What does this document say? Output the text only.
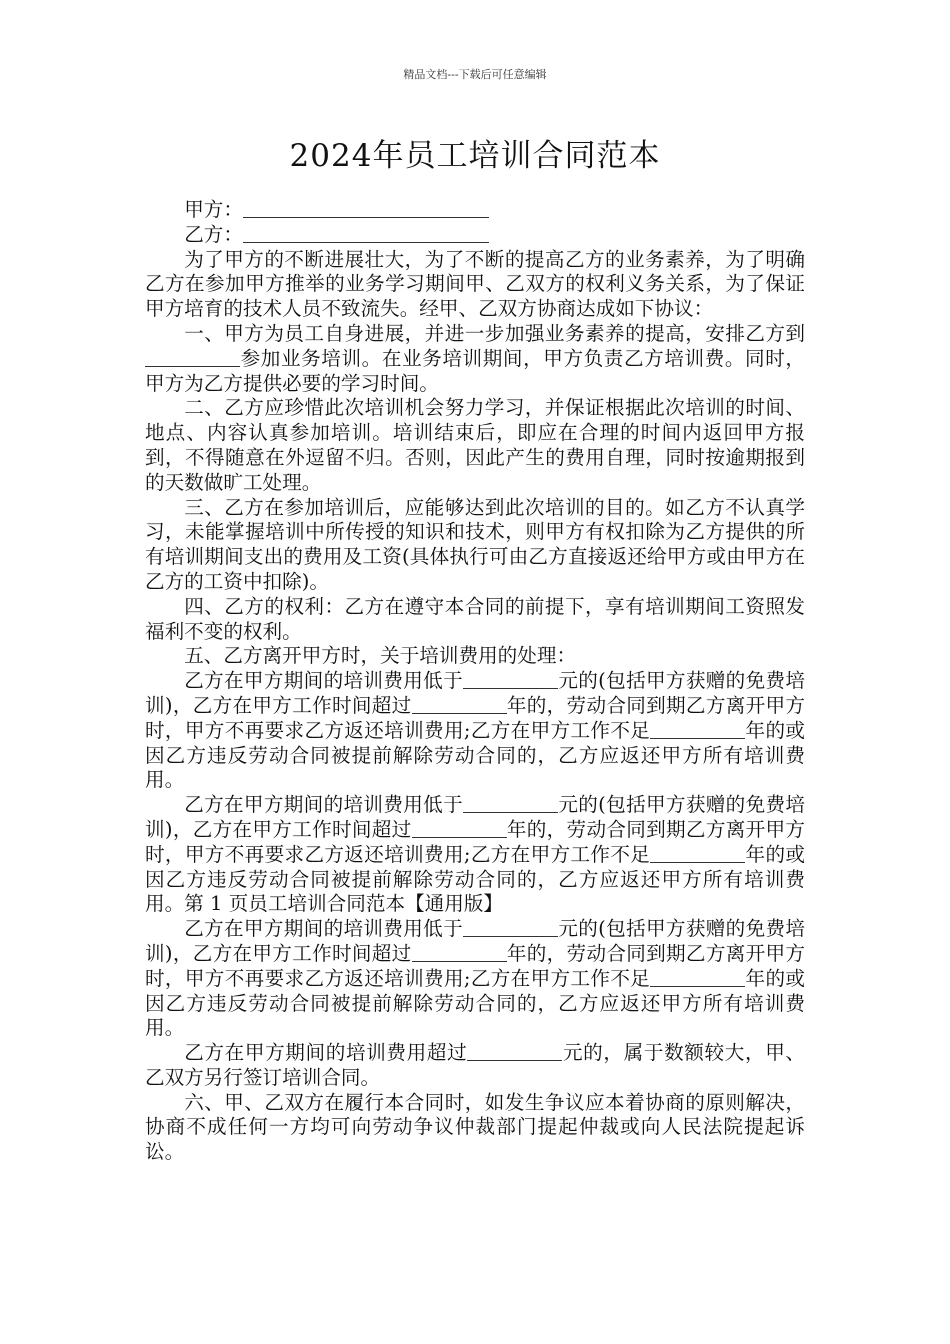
精品文档---下载后可任意编辑
2024年员工培训合同范本
甲方：
乙方：

为了甲方的不断进展壮大，为了不断的提高乙方的业务素养，为了明确乙方在参加甲方推举的业务学习期间甲、乙双方的权利义务关系，为了保证甲方培育的技术人员不致流失。经甲、乙双方协商达成如下协议：

一、甲方为员工自身进展，并进一步加强业务素养的提高，安排乙方到参加业务培训。在业务培训期间，甲方负责乙方培训费。同时，甲方为乙方提供必要的学习时间。

二、乙方应珍惜此次培训机会努力学习，并保证根据此次培训的时间、地点、内容认真参加培训。培训结束后，即应在合理的时间内返回甲方报到，不得随意在外逗留不归。否则，因此产生的费用自理，同时按逾期报到的天数做旷工处理。

三、乙方在参加培训后，应能够达到此次培训的目的。如乙方不认真学习，未能掌握培训中所传授的知识和技术，则甲方有权扣除为乙方提供的所有培训期间支出的费用及工资(具体执行可由乙方直接返还给甲方或由甲方在乙方的工资中扣除)。

四、乙方的权利：乙方在遵守本合同的前提下，享有培训期间工资照发福利不变的权利。

五、乙方离开甲方时，关于培训费用的处理：

乙方在甲方期间的培训费用低于	元的(包括甲方获赠的免费培训)，乙方在甲方工作时间超过	年的，劳动合同到期乙方离开甲方时，甲方不再要求乙方返还培训费用;乙方在甲方工作不足	年的或因乙方违反劳动合同被提前解除劳动合同的，乙方应返还甲方所有培训费用。

乙方在甲方期间的培训费用低于	元的(包括甲方获赠的免费培训)，乙方在甲方工作时间超过	年的，劳动合同到期乙方离开甲方时，甲方不再要求乙方返还培训费用;乙方在甲方工作不足	年的或因乙方违反劳动合同被提前解除劳动合同的，乙方应返还甲方所有培训费用。第 1 页员工培训合同范本【通用版】

乙方在甲方期间的培训费用低于	元的(包括甲方获赠的免费培训)，乙方在甲方工作时间超过	年的，劳动合同到期乙方离开甲方时，甲方不再要求乙方返还培训费用;乙方在甲方工作不足	年的或因乙方违反劳动合同被提前解除劳动合同的，乙方应返还甲方所有培训费用。

乙方在甲方期间的培训费用超过	元的，属于数额较大，甲、乙双方另行签订培训合同。

六、甲、乙双方在履行本合同时，如发生争议应本着协商的原则解决，协商不成任何一方均可向劳动争议仲裁部门提起仲裁或向人民法院提起诉讼。
